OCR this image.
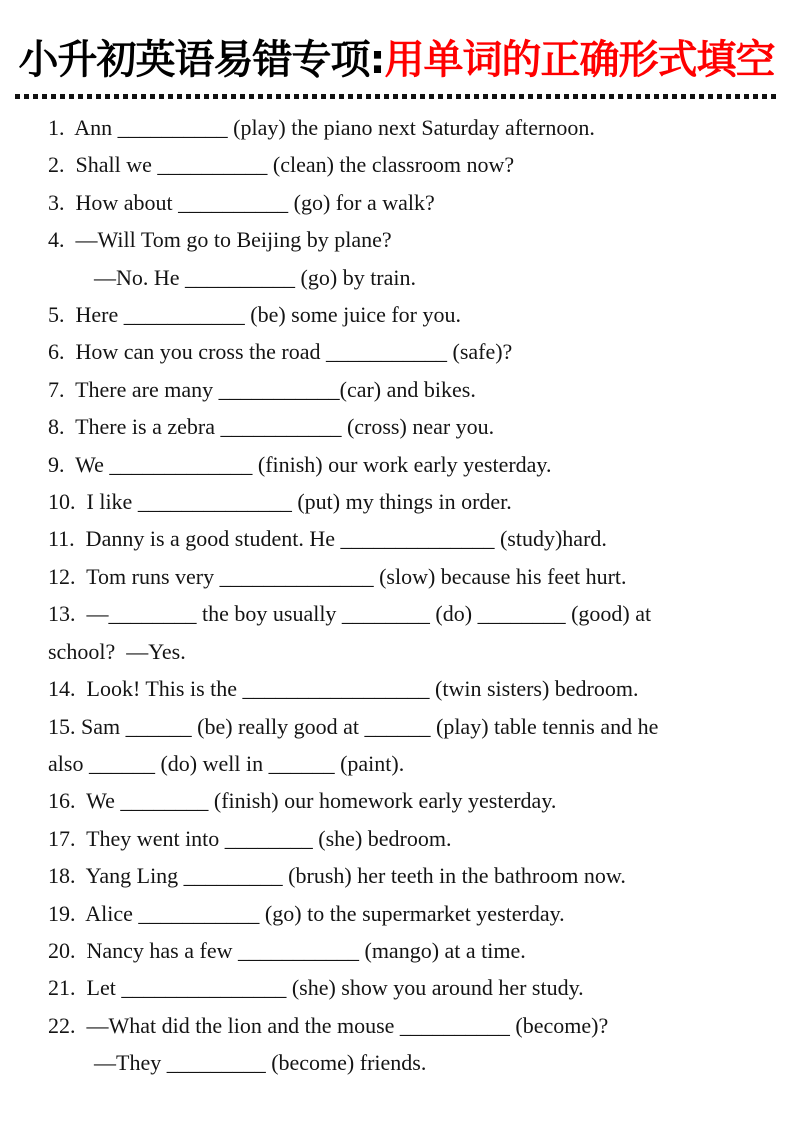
小升初英语易错专项:用单词的正确形式填空

1.  Ann __________ (play) the piano next Saturday afternoon.

2.  Shall we __________ (clean) the classroom now?

3.  How about __________ (go) for a walk?

4.  —Will Tom go to Beijing by plane?

—No. He __________ (go) by train.

5.  Here ___________ (be) some juice for you.

6.  How can you cross the road ___________ (safe)?

7.  There are many ___________(car) and bikes.

8.  There is a zebra ___________ (cross) near you.

9.  We _____________ (finish) our work early yesterday.

10.  I like ______________ (put) my things in order.

11.  Danny is a good student. He ______________ (study)hard.

12.  Tom runs very ______________ (slow) because his feet hurt.

13.  —________ the boy usually ________ (do) ________ (good) at

school?  —Yes.

14.  Look! This is the _________________ (twin sisters) bedroom.

15. Sam ______ (be) really good at ______ (play) table tennis and he

also ______ (do) well in ______ (paint).

16.  We ________ (finish) our homework early yesterday.

17.  They went into ________ (she) bedroom.

18.  Yang Ling _________ (brush) her teeth in the bathroom now.

19.  Alice ___________ (go) to the supermarket yesterday.

20.  Nancy has a few ___________ (mango) at a time.

21.  Let _______________ (she) show you around her study.

22.  —What did the lion and the mouse __________ (become)?

—They _________ (become) friends.
